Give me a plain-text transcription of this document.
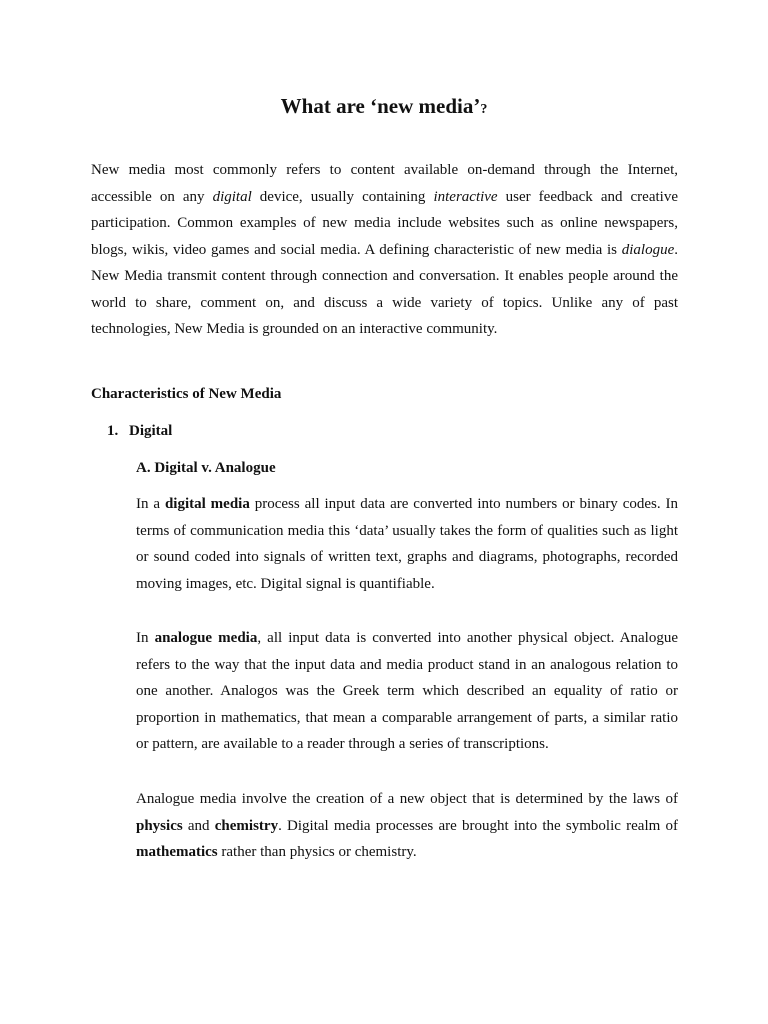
What are ‘new media’?

New media most commonly refers to content available on-demand through the Internet, accessible on any digital device, usually containing interactive user feedback and creative participation. Common examples of new media include websites such as online newspapers, blogs, wikis, video games and social media. A defining characteristic of new media is dialogue. New Media transmit content through connection and conversation. It enables people around the world to share, comment on, and discuss a wide variety of topics. Unlike any of past technologies, New Media is grounded on an interactive community.

Characteristics of New Media
1. Digital
A. Digital v. Analogue

In a digital media process all input data are converted into numbers or binary codes. In terms of communication media this ‘data’ usually takes the form of qualities such as light or sound coded into signals of written text, graphs and diagrams, photographs, recorded moving images, etc. Digital signal is quantifiable.

In analogue media, all input data is converted into another physical object. Analogue refers to the way that the input data and media product stand in an analogous relation to one another. Analogos was the Greek term which described an equality of ratio or proportion in mathematics, that mean a comparable arrangement of parts, a similar ratio or pattern, are available to a reader through a series of transcriptions.

Analogue media involve the creation of a new object that is determined by the laws of physics and chemistry. Digital media processes are brought into the symbolic realm of mathematics rather than physics or chemistry.
